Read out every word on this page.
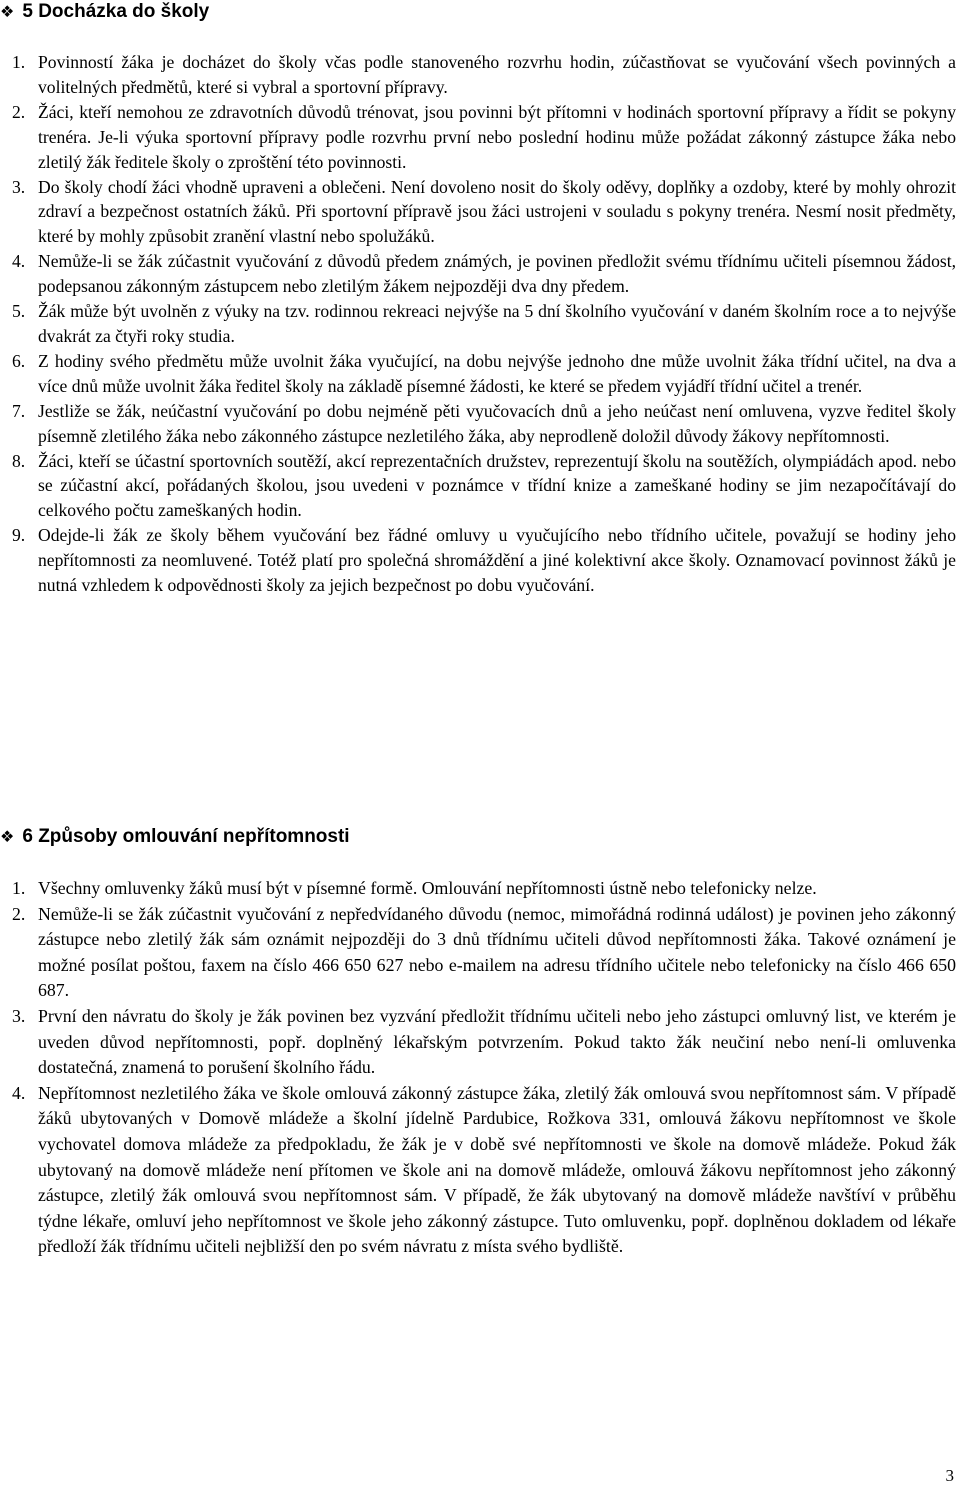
❖ 5 Docházka do školy
1. Povinností žáka je docházet do školy včas podle stanoveného rozvrhu hodin, zúčastňovat se vyučování všech povinných a volitelných předmětů, které si vybral a sportovní přípravy.
2. Žáci, kteří nemohou ze zdravotních důvodů trénovat, jsou povinni být přítomni v hodinách sportovní přípravy a řídit se pokyny trenéra. Je-li výuka sportovní přípravy podle rozvrhu první nebo poslední hodinu může požádat zákonný zástupce žáka nebo zletilý žák ředitele školy o zproštění této povinnosti.
3. Do školy chodí žáci vhodně upraveni a oblečeni. Není dovoleno nosit do školy oděvy, doplňky a ozdoby, které by mohly ohrozit zdraví a bezpečnost ostatních žáků. Při sportovní přípravě jsou žáci ustrojeni v souladu s pokyny trenéra. Nesmí nosit předměty, které by mohly způsobit zranění vlastní nebo spolužáků.
4. Nemůže-li se žák zúčastnit vyučování z důvodů předem známých, je povinen předložit svému třídnímu učiteli písemnou žádost, podepsanou zákonným zástupcem nebo zletilým žákem nejpozději dva dny předem.
5. Žák může být uvolněn z výuky na tzv. rodinnou rekreaci nejvýše na 5 dní školního vyučování v daném školním roce a to nejvýše dvakrát za čtyři roky studia.
6. Z hodiny svého předmětu může uvolnit žáka vyučující, na dobu nejvýše jednoho dne může uvolnit žáka třídní učitel, na dva a více dnů může uvolnit žáka ředitel školy na základě písemné žádosti, ke které se předem vyjádří třídní učitel a trenér.
7. Jestliže se žák, neúčastní vyučování po dobu nejméně pěti vyučovacích dnů a jeho neúčast není omluvena, vyzve ředitel školy písemně zletilého žáka nebo zákonného zástupce nezletilého žáka, aby neprodleně doložil důvody žákovy nepřítomnosti.
8. Žáci, kteří se účastní sportovních soutěží, akcí reprezentačních družstev, reprezentují školu na soutěžích, olympiádách apod. nebo se zúčastní akcí, pořádaných školou, jsou uvedeni v poznámce v třídní knize a zameškané hodiny se jim nezapočítávají do celkového počtu zameškaných hodin.
9. Odejde-li žák ze školy během vyučování bez řádné omluvy u vyučujícího nebo třídního učitele, považují se hodiny jeho nepřítomnosti za neomluvené. Totéž platí pro společná shromáždění a jiné kolektivní akce školy. Oznamovací povinnost žáků je nutná vzhledem k odpovědnosti školy za jejich bezpečnost po dobu vyučování.
❖ 6 Způsoby omlouvání nepřítomnosti
1. Všechny omluvenky žáků musí být v písemné formě. Omlouvání nepřítomnosti ústně nebo telefonicky nelze.
2. Nemůže-li se žák zúčastnit vyučování z nepředvídaného důvodu (nemoc, mimořádná rodinná událost) je povinen jeho zákonný zástupce nebo zletilý žák sám oznámit nejpozději do 3 dnů třídnímu učiteli důvod nepřítomnosti žáka. Takové oznámení je možné posílat poštou, faxem na číslo 466 650 627 nebo e-mailem na adresu třídního učitele nebo telefonicky na číslo 466 650 687.
3. První den návratu do školy je žák povinen bez vyzvání předložit třídnímu učiteli nebo jeho zástupci omluvný list, ve kterém je uveden důvod nepřítomnosti, popř. doplněný lékařským potvrzením. Pokud takto žák neučiní nebo není-li omluvenka dostatečná, znamená to porušení školního řádu.
4. Nepřítomnost nezletilého žáka ve škole omlouvá zákonný zástupce žáka, zletilý žák omlouvá svou nepřítomnost sám. V případě žáků ubytovaných v Domově mládeže a školní jídelně Pardubice, Rožkova 331, omlouvá žákovu nepřítomnost ve škole vychovatel domova mládeže za předpokladu, že žák je v době své nepřítomnosti ve škole na domově mládeže. Pokud žák ubytovaný na domově mládeže není přítomen ve škole ani na domově mládeže, omlouvá žákovu nepřítomnost jeho zákonný zástupce, zletilý žák omlouvá svou nepřítomnost sám. V případě, že žák ubytovaný na domově mládeže navštíví v průběhu týdne lékaře, omluví jeho nepřítomnost ve škole jeho zákonný zástupce. Tuto omluvenku, popř. doplněnou dokladem od lékaře předloží žák třídnímu učiteli nejbližší den po svém návratu z místa svého bydliště.
3
